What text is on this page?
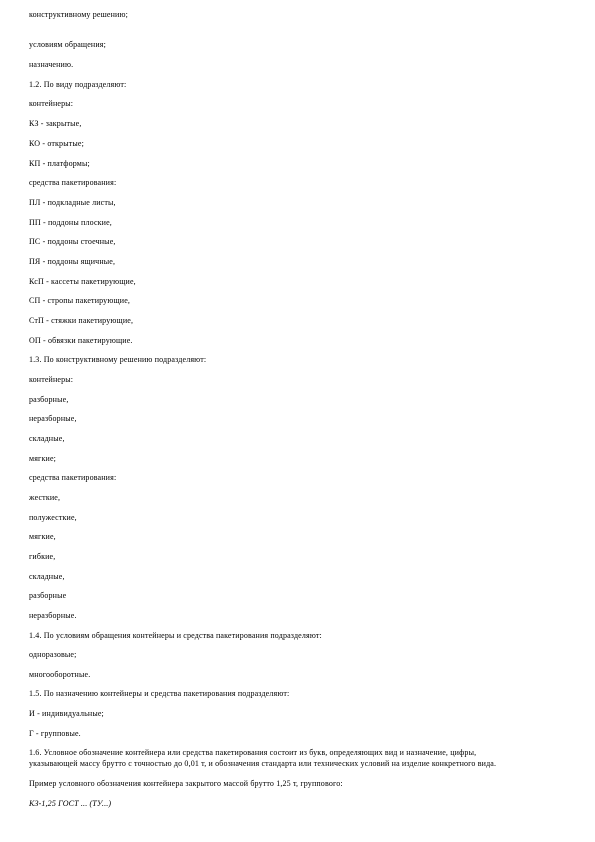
конструктивному решению;
условиям обращения;
назначению.
1.2. По виду подразделяют:
контейнеры:
КЗ - закрытые,
КО - открытые;
КП - платформы;
средства пакетирования:
ПЛ - подкладные листы,
ПП - поддоны плоские,
ПС - поддоны стоечные,
ПЯ - поддоны ящичные,
КсП - кассеты пакетирующие,
СП - стропы пакетирующие,
СтП - стяжки пакетирующие,
ОП - обвязки пакетирующие.
1.3. По конструктивному решению подразделяют:
контейнеры:
разборные,
неразборные,
складные,
мягкие;
средства пакетирования:
жесткие,
полужесткие,
мягкие,
гибкие,
складные,
разборные
неразборные.
1.4. По условиям обращения контейнеры и средства пакетирования подразделяют:
одноразовые;
многооборотные.
1.5. По назначению контейнеры и средства пакетирования подразделяют:
И - индивидуальные;
Г - групповые.
1.6. Условное обозначение контейнера или средства пакетирования состоит из букв, определяющих вид и назначение, цифры,
указывающей массу брутто с точностью до 0,01 т, и обозначения стандарта или технических условий на изделие конкретного вида.
Пример условного обозначения контейнера закрытого массой брутто 1,25 т, группового:
КЗ-1,25 ГОСТ ... (ТУ...)
